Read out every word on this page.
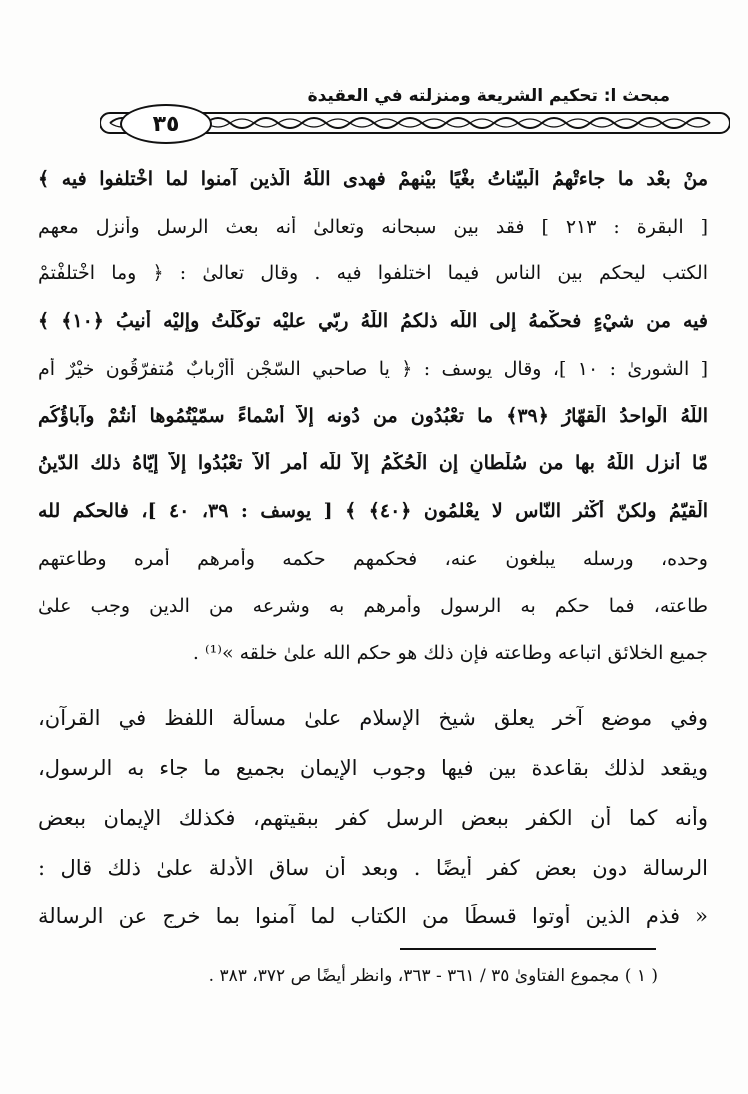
مبحث ا: تحكيم الشريعة ومنزلته في العقيدة
٣٥
منْ بعْد ما جاءتْهمُ الْبيّناتُ بغْيًا بيْنهمْ فهدى اللّهُ الّذين آمنوا لما اخْتلفوا فيه ﴾
[ البقرة : ٢١٣ ] فقد بين سبحانه وتعالىٰ أنه بعث الرسل وأنزل معهم
الكتب ليحكم بين الناس فيما اختلفوا فيه . وقال تعالىٰ : ﴿ وما اخْتلفْتمْ
فيه من شيْءٍ فحكْمهُ إلى اللّه ذلكمُ اللّهُ ربّي عليْه توكّلْتُ وإليْه أُنيبُ ﴿١٠﴾ ﴾
[ الشورىٰ : ١٠ ]، وقال يوسف : ﴿ يا صاحبي السّجْن أأرْبابٌ مُتفرّقُون خيْرٌ أم
اللّهُ الْواحدُ الْقهّارُ ﴿٣٩﴾ ما تعْبُدُون من دُونه إلاّ أسْماءً سمّيْتُمُوها أنتُمْ وآباؤُكُم
مّا أنزل اللّهُ بها من سُلْطانٍ إن الْحُكْمُ إلاّ للّه أمر ألاّ تعْبُدُوا إلاّ إيّاهُ ذلك الدّينُ
الْقيّمُ ولكنّ أكْثر النّاس لا يعْلمُون ﴿٤٠﴾ ﴾ [ يوسف : ٣٩، ٤٠ ]، فالحكم لله
وحده، ورسله يبلغون عنه، فحكمهم حكمه وأمرهم أمره وطاعتهم
طاعته، فما حكم به الرسول وأمرهم به وشرعه من الدين وجب علىٰ
جميع الخلائق اتباعه وطاعته فإن ذلك هو حكم الله علىٰ خلقه »⁽¹⁾ .
وفي موضع آخر يعلق شيخ الإسلام علىٰ مسألة اللفظ في القرآن،
ويقعد لذلك بقاعدة بين فيها وجوب الإيمان بجميع ما جاء به الرسول،
وأنه كما أن الكفر ببعض الرسل كفر ببقيتهم، فكذلك الإيمان ببعض
الرسالة دون بعض كفر أيضًا . وبعد أن ساق الأدلة علىٰ ذلك قال :
« فذم الذين أوتوا قسطًا من الكتاب لما آمنوا بما خرج عن الرسالة
( ١ ) مجموع الفتاوىٰ ٣٥ / ٣٦١ - ٣٦٣، وانظر أيضًا ص ٣٧٢، ٣٨٣ .
